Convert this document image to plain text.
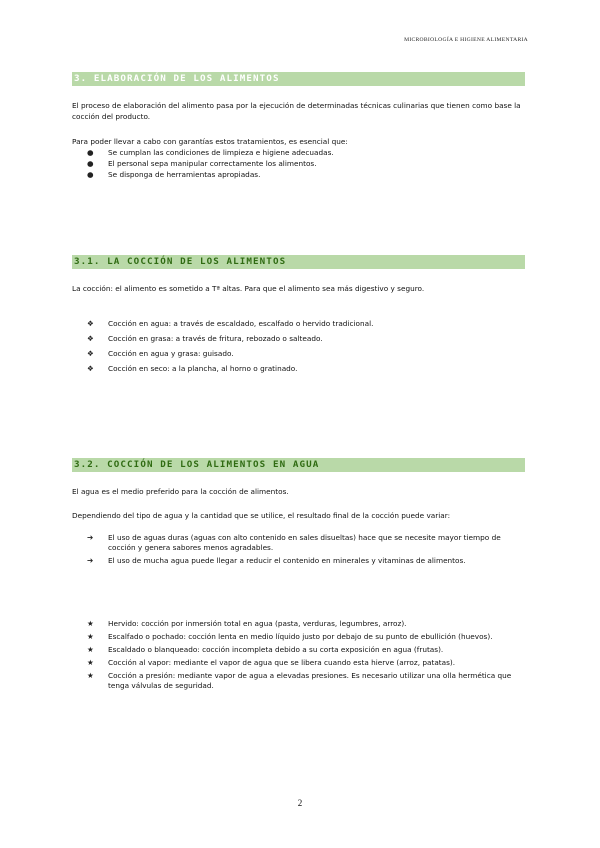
MICROBIOLOGÍA E HIGIENE ALIMENTARIA
3. ELABORACIÓN DE LOS ALIMENTOS

El proceso de elaboración del alimento pasa por la ejecución de determinadas técnicas culinarias que tienen como base la cocción del producto.

Para poder llevar a cabo con garantías estos tratamientos, es esencial que:

●	Se cumplan las condiciones de limpieza e higiene adecuadas.
●	El personal sepa manipular correctamente los alimentos.
●	Se disponga de herramientas apropiadas.
3.1. LA COCCIÓN DE LOS ALIMENTOS

La cocción: el alimento es sometido a Tª altas. Para que el alimento sea más digestivo y seguro.

❖	Cocción en agua: a través de escaldado, escalfado o hervido tradicional.
❖	Cocción en grasa: a través de fritura, rebozado o salteado.
❖	Cocción en agua y grasa: guisado.
❖	Cocción en seco: a la plancha, al horno o gratinado.
3.2. COCCIÓN DE LOS ALIMENTOS EN AGUA

El agua es el medio preferido para la cocción de alimentos.

Dependiendo del tipo de agua y la cantidad que se utilice, el resultado final de la cocción puede variar:

➔	El uso de aguas duras (aguas con alto contenido en sales disueltas) hace que se necesite mayor tiempo de cocción y genera sabores menos agradables.
➔	El uso de mucha agua puede llegar a reducir el contenido en minerales y vitaminas de alimentos.
★	Hervido: cocción por inmersión total en agua (pasta, verduras, legumbres, arroz).
★	Escalfado o pochado: cocción lenta en medio líquido justo por debajo de su punto de ebullición (huevos).
★	Escaldado o blanqueado: cocción incompleta debido a su corta exposición en agua (frutas).
★	Cocción al vapor: mediante el vapor de agua que se libera cuando esta hierve (arroz, patatas).
★	Cocción a presión: mediante vapor de agua a elevadas presiones. Es necesario utilizar una olla hermética que tenga válvulas de seguridad.
2
